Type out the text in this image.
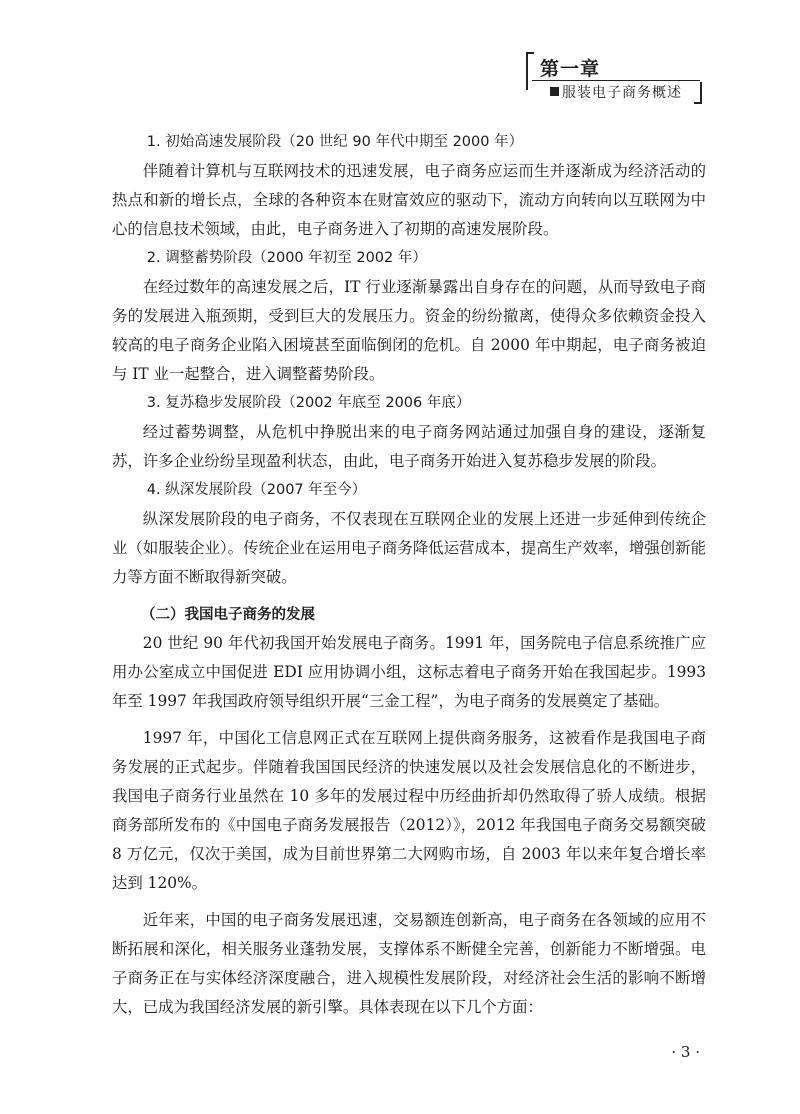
第一章
服装电子商务概述

1. 初始高速发展阶段（20 世纪 90 年代中期至 2000 年）

伴随着计算机与互联网技术的迅速发展，电子商务应运而生并逐渐成为经济活动的热点和新的增长点，全球的各种资本在财富效应的驱动下，流动方向转向以互联网为中心的信息技术领域，由此，电子商务进入了初期的高速发展阶段。

2. 调整蓄势阶段（2000 年初至 2002 年）

在经过数年的高速发展之后，IT 行业逐渐暴露出自身存在的问题，从而导致电子商务的发展进入瓶颈期，受到巨大的发展压力。资金的纷纷撤离，使得众多依赖资金投入较高的电子商务企业陷入困境甚至面临倒闭的危机。自 2000 年中期起，电子商务被迫与 IT 业一起整合，进入调整蓄势阶段。

3. 复苏稳步发展阶段（2002 年底至 2006 年底）

经过蓄势调整，从危机中挣脱出来的电子商务网站通过加强自身的建设，逐渐复苏，许多企业纷纷呈现盈利状态，由此，电子商务开始进入复苏稳步发展的阶段。

4. 纵深发展阶段（2007 年至今）

纵深发展阶段的电子商务，不仅表现在互联网企业的发展上还进一步延伸到传统企业（如服装企业）。传统企业在运用电子商务降低运营成本，提高生产效率，增强创新能力等方面不断取得新突破。

（二）我国电子商务的发展

20 世纪 90 年代初我国开始发展电子商务。1991 年，国务院电子信息系统推广应用办公室成立中国促进 EDI 应用协调小组，这标志着电子商务开始在我国起步。1993 年至 1997 年我国政府领导组织开展“三金工程”，为电子商务的发展奠定了基础。

1997 年，中国化工信息网正式在互联网上提供商务服务，这被看作是我国电子商务发展的正式起步。伴随着我国国民经济的快速发展以及社会发展信息化的不断进步，我国电子商务行业虽然在 10 多年的发展过程中历经曲折却仍然取得了骄人成绩。根据商务部所发布的《中国电子商务发展报告（2012）》，2012 年我国电子商务交易额突破 8 万亿元，仅次于美国，成为目前世界第二大网购市场，自 2003 年以来年复合增长率达到 120%。

近年来，中国的电子商务发展迅速，交易额连创新高，电子商务在各领域的应用不断拓展和深化，相关服务业蓬勃发展，支撑体系不断健全完善，创新能力不断增强。电子商务正在与实体经济深度融合，进入规模性发展阶段，对经济社会生活的影响不断增大，已成为我国经济发展的新引擎。具体表现在以下几个方面：

· 3 ·
